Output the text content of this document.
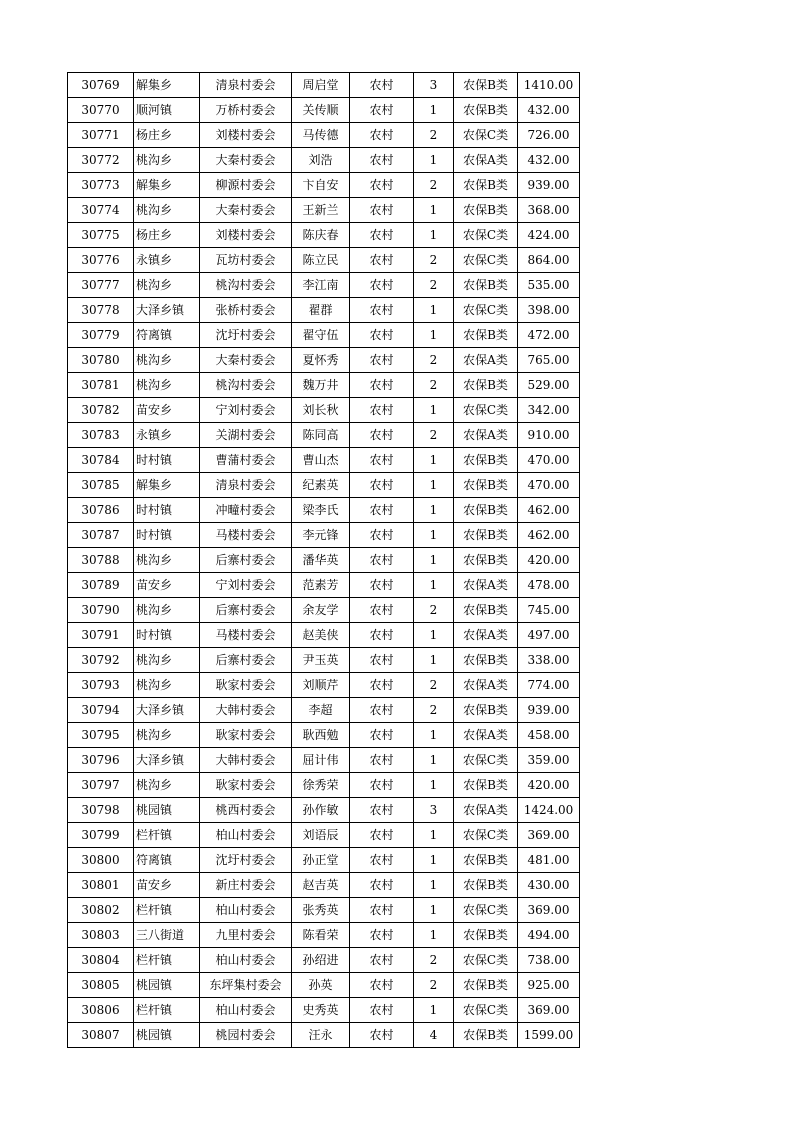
30769	解集乡	清泉村委会	周启堂	农村	3	农保B类	1410.00
30770	顺河镇	万桥村委会	关传顺	农村	1	农保B类	432.00
30771	杨庄乡	刘楼村委会	马传德	农村	2	农保C类	726.00
30772	桃沟乡	大秦村委会	刘浩	农村	1	农保A类	432.00
30773	解集乡	柳源村委会	卞自安	农村	2	农保B类	939.00
30774	桃沟乡	大秦村委会	王新兰	农村	1	农保B类	368.00
30775	杨庄乡	刘楼村委会	陈庆春	农村	1	农保C类	424.00
30776	永镇乡	瓦坊村委会	陈立民	农村	2	农保C类	864.00
30777	桃沟乡	桃沟村委会	李江南	农村	2	农保B类	535.00
30778	大泽乡镇	张桥村委会	翟群	农村	1	农保C类	398.00
30779	符离镇	沈圩村委会	翟守伍	农村	1	农保B类	472.00
30780	桃沟乡	大秦村委会	夏怀秀	农村	2	农保A类	765.00
30781	桃沟乡	桃沟村委会	魏万井	农村	2	农保B类	529.00
30782	苗安乡	宁刘村委会	刘长秋	农村	1	农保C类	342.00
30783	永镇乡	关湖村委会	陈同高	农村	2	农保A类	910.00
30784	时村镇	曹蒲村委会	曹山杰	农村	1	农保B类	470.00
30785	解集乡	清泉村委会	纪素英	农村	1	农保B类	470.00
30786	时村镇	冲疃村委会	梁李氏	农村	1	农保B类	462.00
30787	时村镇	马楼村委会	李元锋	农村	1	农保B类	462.00
30788	桃沟乡	后寨村委会	潘华英	农村	1	农保B类	420.00
30789	苗安乡	宁刘村委会	范素芳	农村	1	农保A类	478.00
30790	桃沟乡	后寨村委会	余友学	农村	2	农保B类	745.00
30791	时村镇	马楼村委会	赵美侠	农村	1	农保A类	497.00
30792	桃沟乡	后寨村委会	尹玉英	农村	1	农保B类	338.00
30793	桃沟乡	耿家村委会	刘顺芹	农村	2	农保A类	774.00
30794	大泽乡镇	大韩村委会	李超	农村	2	农保B类	939.00
30795	桃沟乡	耿家村委会	耿西勉	农村	1	农保A类	458.00
30796	大泽乡镇	大韩村委会	屈计伟	农村	1	农保C类	359.00
30797	桃沟乡	耿家村委会	徐秀荣	农村	1	农保B类	420.00
30798	桃园镇	桃西村委会	孙作敏	农村	3	农保A类	1424.00
30799	栏杆镇	柏山村委会	刘语辰	农村	1	农保C类	369.00
30800	符离镇	沈圩村委会	孙正堂	农村	1	农保B类	481.00
30801	苗安乡	新庄村委会	赵吉英	农村	1	农保B类	430.00
30802	栏杆镇	柏山村委会	张秀英	农村	1	农保C类	369.00
30803	三八街道	九里村委会	陈看荣	农村	1	农保B类	494.00
30804	栏杆镇	柏山村委会	孙绍进	农村	2	农保C类	738.00
30805	桃园镇	东坪集村委会	孙英	农村	2	农保B类	925.00
30806	栏杆镇	柏山村委会	史秀英	农村	1	农保C类	369.00
30807	桃园镇	桃园村委会	汪永	农村	4	农保B类	1599.00
